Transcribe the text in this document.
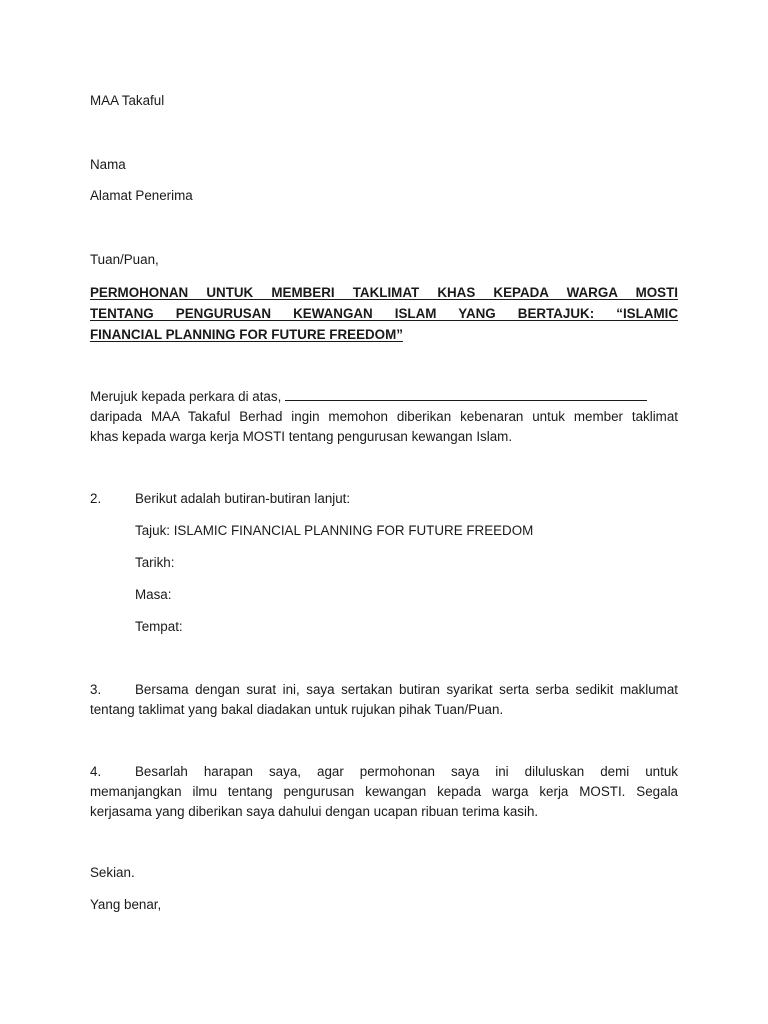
MAA Takaful
Nama
Alamat Penerima
Tuan/Puan,
PERMOHONAN UNTUK MEMBERI TAKLIMAT KHAS KEPADA WARGA MOSTI
TENTANG PENGURUSAN KEWANGAN ISLAM YANG BERTAJUK: “ISLAMIC
FINANCIAL PLANNING FOR FUTURE FREEDOM”
Merujuk kepada perkara di atas,
daripada MAA Takaful Berhad ingin memohon diberikan kebenaran untuk member taklimat
khas kepada warga kerja MOSTI tentang pengurusan kewangan Islam.
2.	Berikut adalah butiran-butiran lanjut:
Tajuk: ISLAMIC FINANCIAL PLANNING FOR FUTURE FREEDOM
Tarikh:
Masa:
Tempat:
3.	Bersama dengan surat ini, saya sertakan butiran syarikat serta serba sedikit maklumat
tentang taklimat yang bakal diadakan untuk rujukan pihak Tuan/Puan.
4.	Besarlah harapan saya, agar permohonan saya ini diluluskan demi untuk
memanjangkan ilmu tentang pengurusan kewangan kepada warga kerja MOSTI. Segala
kerjasama yang diberikan saya dahului dengan ucapan ribuan terima kasih.
Sekian.
Yang benar,
